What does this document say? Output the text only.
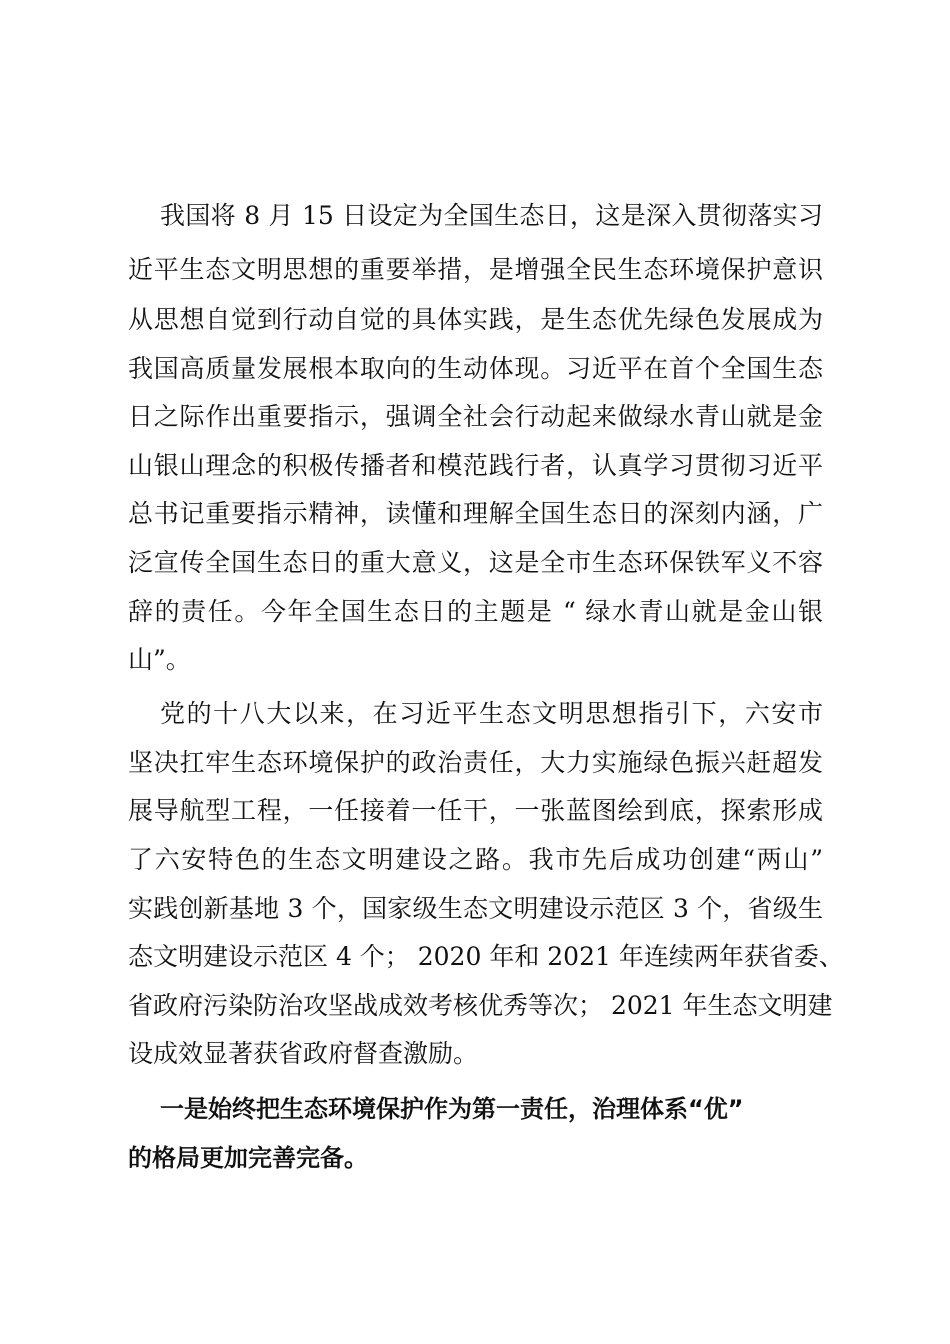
我国将 8 月 15 日设定为全国生态日，这是深入贯彻落实习
近平生态文明思想的重要举措，是增强全民生态环境保护意识
从思想自觉到行动自觉的具体实践，是生态优先绿色发展成为
我国高质量发展根本取向的生动体现。习近平在首个全国生态
日之际作出重要指示，强调全社会行动起来做绿水青山就是金
山银山理念的积极传播者和模范践行者，认真学习贯彻习近平
总书记重要指示精神，读懂和理解全国生态日的深刻内涵，广
泛宣传全国生态日的重大意义，这是全市生态环保铁军义不容
辞的责任。今年全国生态日的主题是 “ 绿水青山就是金山银
山”。
党的十八大以来，在习近平生态文明思想指引下，六安市
坚决扛牢生态环境保护的政治责任，大力实施绿色振兴赶超发
展导航型工程，一任接着一任干，一张蓝图绘到底，探索形成
了六安特色的生态文明建设之路。我市先后成功创建“两山”
实践创新基地 3 个，国家级生态文明建设示范区 3 个，省级生
态文明建设示范区 4 个； 2020 年和 2021 年连续两年获省委、
省政府污染防治攻坚战成效考核优秀等次； 2021 年生态文明建
设成效显著获省政府督查激励。
一是始终把生态环境保护作为第一责任，治理体系“优”
的格局更加完善完备。
